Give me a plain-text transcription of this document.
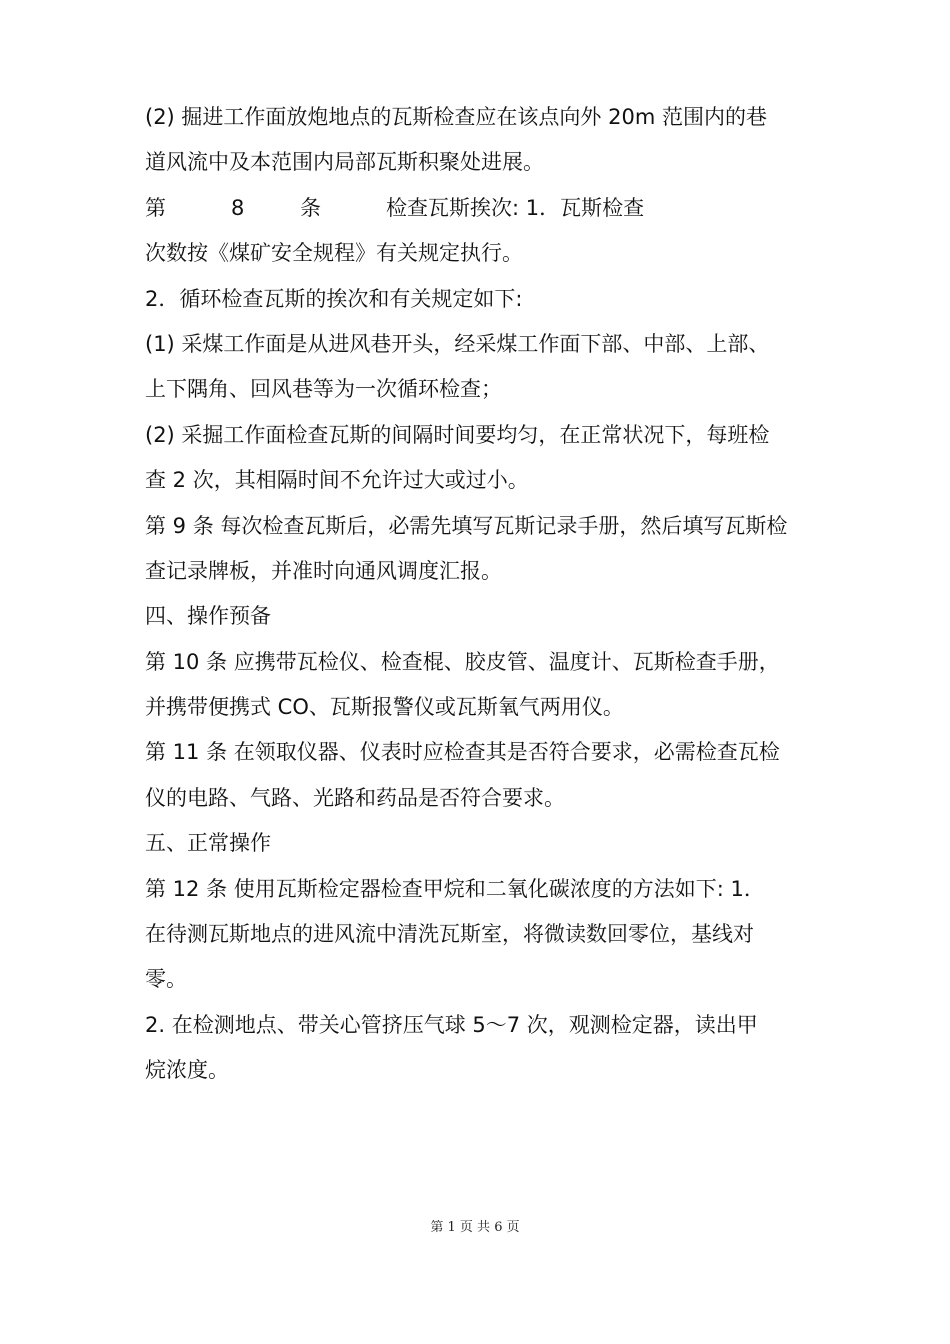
(2) 掘进工作面放炮地点的瓦斯检查应在该点向外 20m 范围内的巷
道风流中及本范围内局部瓦斯积聚处进展。
第	8	条	检查瓦斯挨次: 1．瓦斯检查
次数按《煤矿安全规程》有关规定执行。
2．循环检查瓦斯的挨次和有关规定如下:
(1) 采煤工作面是从进风巷开头，经采煤工作面下部、中部、上部、
上下隅角、回风巷等为一次循环检查；
(2) 采掘工作面检查瓦斯的间隔时间要均匀，在正常状况下，每班检
查 2 次，其相隔时间不允许过大或过小。
第 9 条 每次检查瓦斯后，必需先填写瓦斯记录手册，然后填写瓦斯检
查记录牌板，并准时向通风调度汇报。
四、操作预备
第 10 条 应携带瓦检仪、检查棍、胶皮管、温度计、瓦斯检查手册，
并携带便携式 CO、瓦斯报警仪或瓦斯氧气两用仪。
第 11 条 在领取仪器、仪表时应检查其是否符合要求，必需检查瓦检
仪的电路、气路、光路和药品是否符合要求。
五、正常操作
第 12 条 使用瓦斯检定器检查甲烷和二氧化碳浓度的方法如下: 1．
在待测瓦斯地点的进风流中清洗瓦斯室，将微读数回零位，基线对
零。
2. 在检测地点、带关心管挤压气球 5～7 次，观测检定器，读出甲
烷浓度。
第 1 页 共 6 页
